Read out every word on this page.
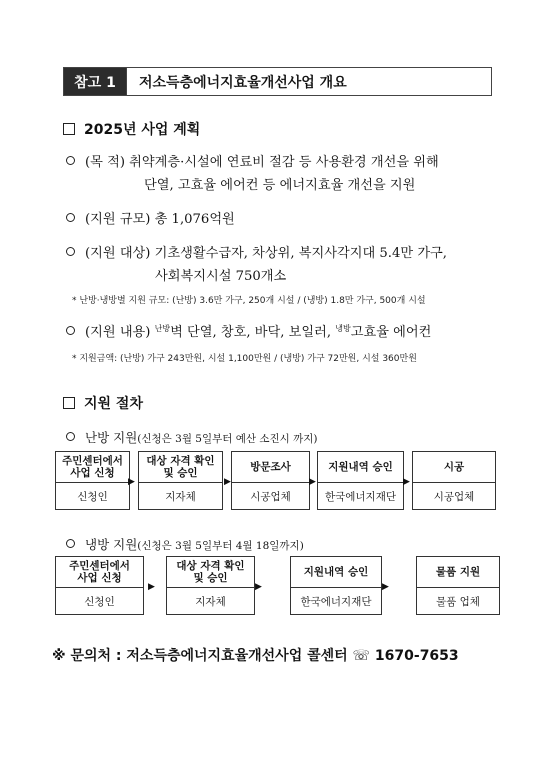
참고 1	저소득층에너지효율개선사업 개요
2025년 사업 계획
(목 적) 취약계층·시설에 연료비 절감 등 사용환경 개선을 위해
단열, 고효율 에어컨 등 에너지효율 개선을 지원
(지원 규모) 총 1,076억원
(지원 대상) 기초생활수급자, 차상위, 복지사각지대 5.4만 가구,
사회복지시설 750개소
* 난방·냉방별 지원 규모: (난방) 3.6만 가구, 250개 시설 / (냉방) 1.8만 가구, 500개 시설
(지원 내용) $^{난방}$벽 단열, 창호, 바닥, 보일러, $^{냉방}$고효율 에어컨
* 지원금액: (난방) 가구 243만원, 시설 1,100만원 / (냉방) 가구 72만원, 시설 360만원
지원 절차
난방 지원(신청은 3월 5일부터 예산 소진시 까지)
주민센터에서
사업 신청
신청인
▶
대상 자격 확인
및 승인
지자체
▶
방문조사
시공업체
▶
지원내역 승인
한국에너지재단
▶
시공
시공업체
냉방 지원(신청은 3월 5일부터 4월 18일까지)
주민센터에서
사업 신청
신청인
▶
대상 자격 확인
및 승인
지자체
▶
지원내역 승인
한국에너지재단
▶
물품 지원
물품 업체
※ 문의처 : 저소득층에너지효율개선사업 콜센터 ☏ 1670-7653
